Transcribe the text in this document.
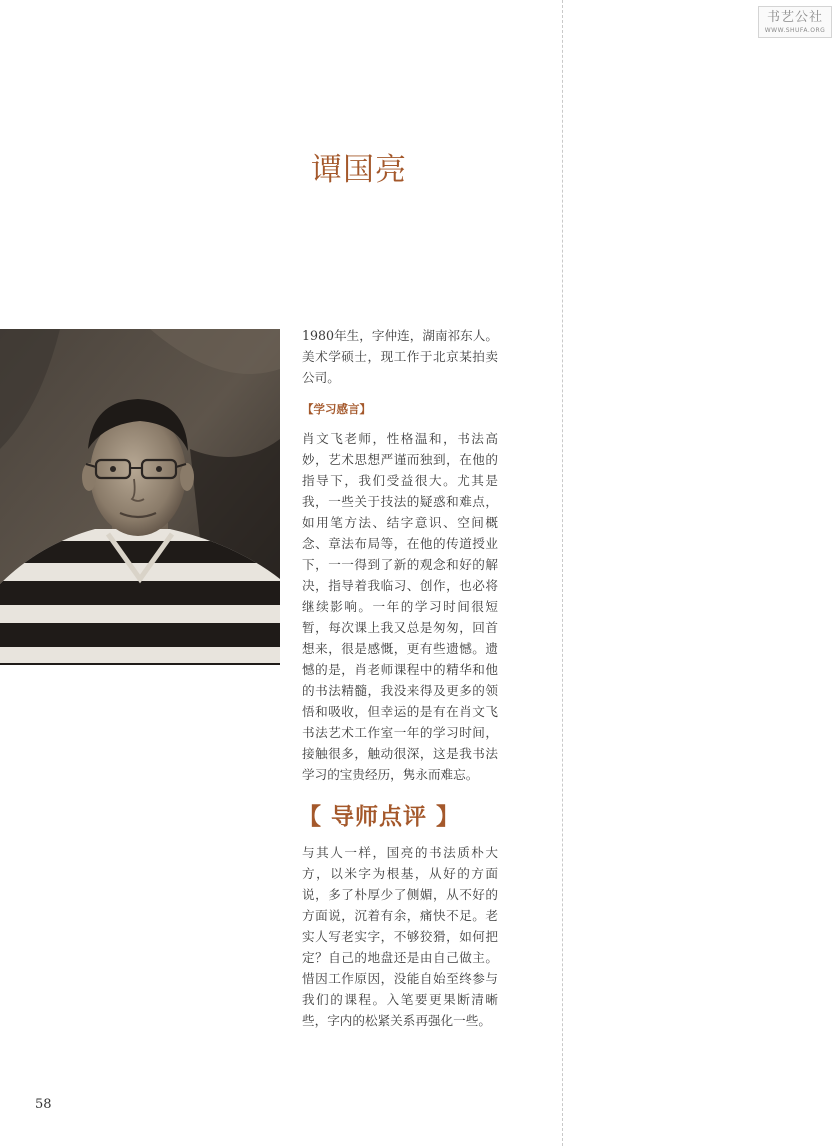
书艺公社
WWW.SHUFA.ORG
谭国亮

1980年生，字仲连，湖南祁东人。美术学硕士，现工作于北京某拍卖公司。

【学习感言】

肖文飞老师，性格温和，书法高妙，艺术思想严谨而独到，在他的指导下，我们受益很大。尤其是我，一些关于技法的疑惑和难点，如用笔方法、结字意识、空间概念、章法布局等，在他的传道授业下，一一得到了新的观念和好的解决，指导着我临习、创作，也必将继续影响。一年的学习时间很短暂，每次课上我又总是匆匆，回首想来，很是感慨，更有些遗憾。遗憾的是，肖老师课程中的精华和他的书法精髓，我没来得及更多的领悟和吸收，但幸运的是有在肖文飞书法艺术工作室一年的学习时间，接触很多，触动很深，这是我书法学习的宝贵经历，隽永而难忘。

【 导师点评 】

与其人一样，国亮的书法质朴大方，以米字为根基，从好的方面说，多了朴厚少了侧媚，从不好的方面说，沉着有余，痛快不足。老实人写老实字，不够狡猾，如何把定？自己的地盘还是由自己做主。惜因工作原因，没能自始至终参与我们的课程。入笔要更果断清晰些，字内的松紧关系再强化一些。

58
